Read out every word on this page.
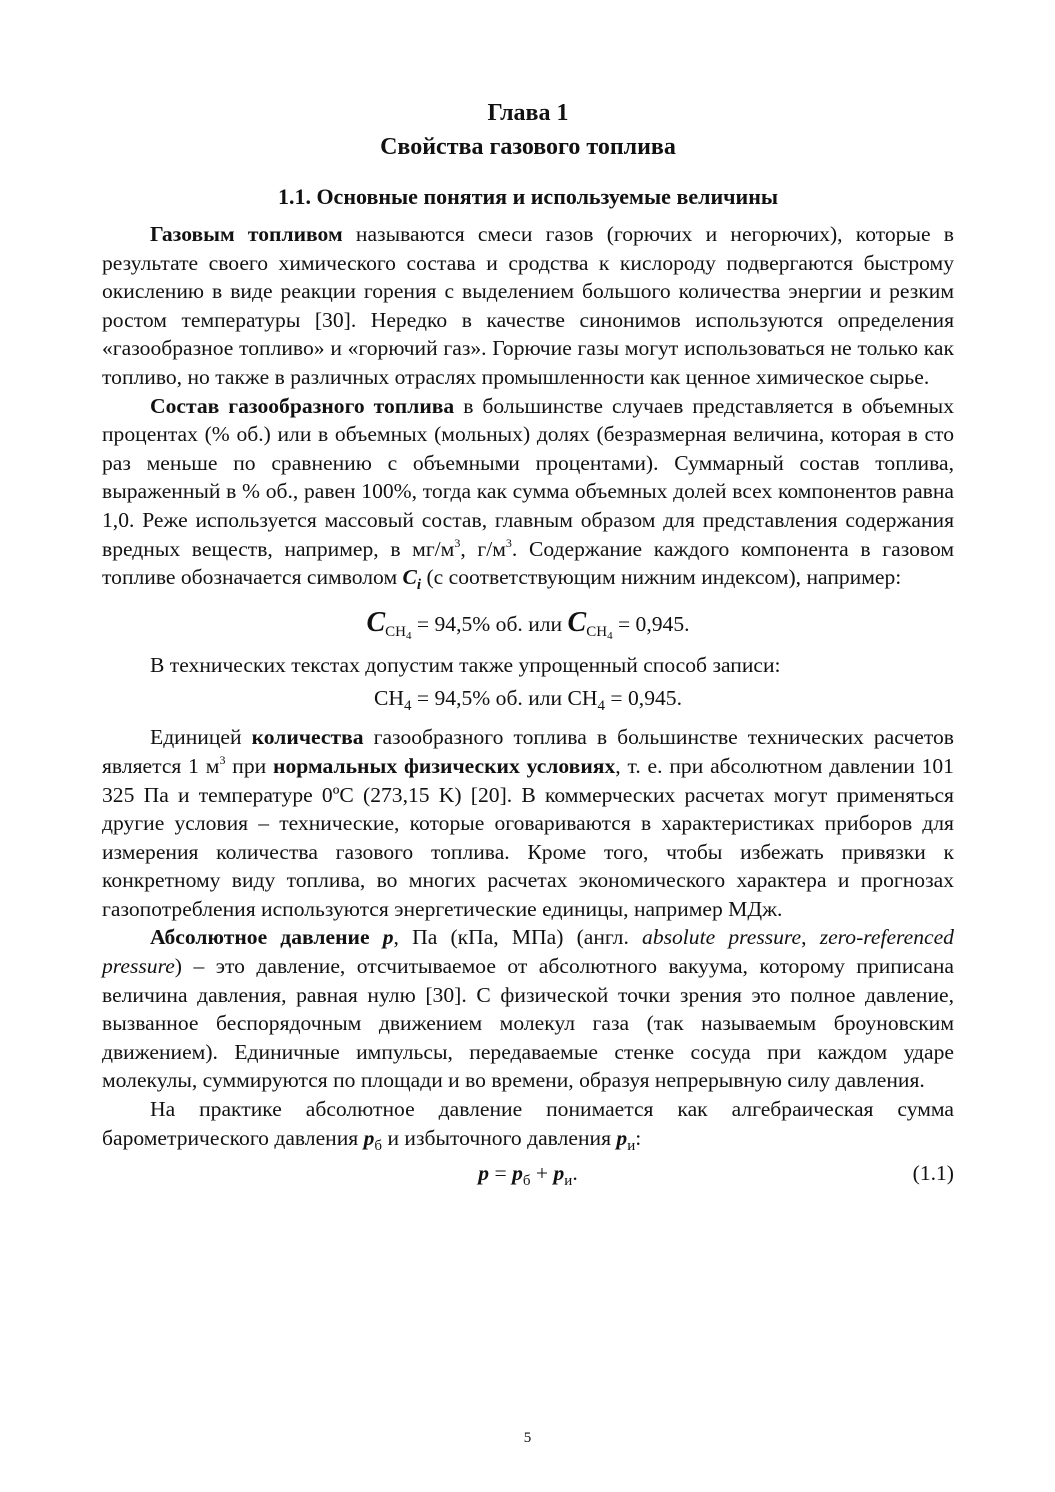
Глава 1
Свойства газового топлива
1.1. Основные понятия и используемые величины

Газовым топливом называются смеси газов (горючих и негорючих), которые в результате своего химического состава и сродства к кислороду подвергаются быстрому окислению в виде реакции горения с выделением большого количества энергии и резким ростом температуры [30]. Нередко в качестве синонимов используются определения «газообразное топливо» и «горючий газ». Горючие газы могут использоваться не только как топливо, но также в различных отраслях промышленности как ценное химическое сырье.

Состав газообразного топлива в большинстве случаев представляется в объемных процентах (% об.) или в объемных (мольных) долях (безразмерная величина, которая в сто раз меньше по сравнению с объемными процентами). Суммарный состав топлива, выраженный в % об., равен 100%, тогда как сумма объемных долей всех компонентов равна 1,0. Реже используется массовый состав, главным образом для представления содержания вредных веществ, например, в $мг/м^3$, $г/м^3$. Содержание каждого компонента в газовом топливе обозначается символом $C_i$ (с соответствующим нижним индексом), например:

$C_{CH_4} = 94,5\%$ об. или $C_{CH_4} = 0,945$.

В технических текстах допустим также упрощенный способ записи:

$CH_4 = 94,5\%$ об. или $CH_4 = 0,945$.

Единицей количества газообразного топлива в большинстве технических расчетов является 1 $м^3$ при нормальных физических условиях, т. е. при абсолютном давлении 101 325 Па и температуре 0ºС (273,15 K) [20]. В коммерческих расчетах могут применяться другие условия – технические, которые оговариваются в характеристиках приборов для измерения количества газового топлива. Кроме того, чтобы избежать привязки к конкретному виду топлива, во многих расчетах экономического характера и прогнозах газопотребления используются энергетические единицы, например МДж.

Абсолютное давление p, Па (кПа, МПа) (англ. absolute pressure, zero-referenced pressure) – это давление, отсчитываемое от абсолютного вакуума, которому приписана величина давления, равная нулю [30]. С физической точки зрения это полное давление, вызванное беспорядочным движением молекул газа (так называемым броуновским движением). Единичные импульсы, передаваемые стенке сосуда при каждом ударе молекулы, суммируются по площади и во времени, образуя непрерывную силу давления.

На практике абсолютное давление понимается как алгебраическая сумма барометрического давления $p_б$ и избыточного давления $p_и$:

$p = p_б + p_и$.	(1.1)
5
